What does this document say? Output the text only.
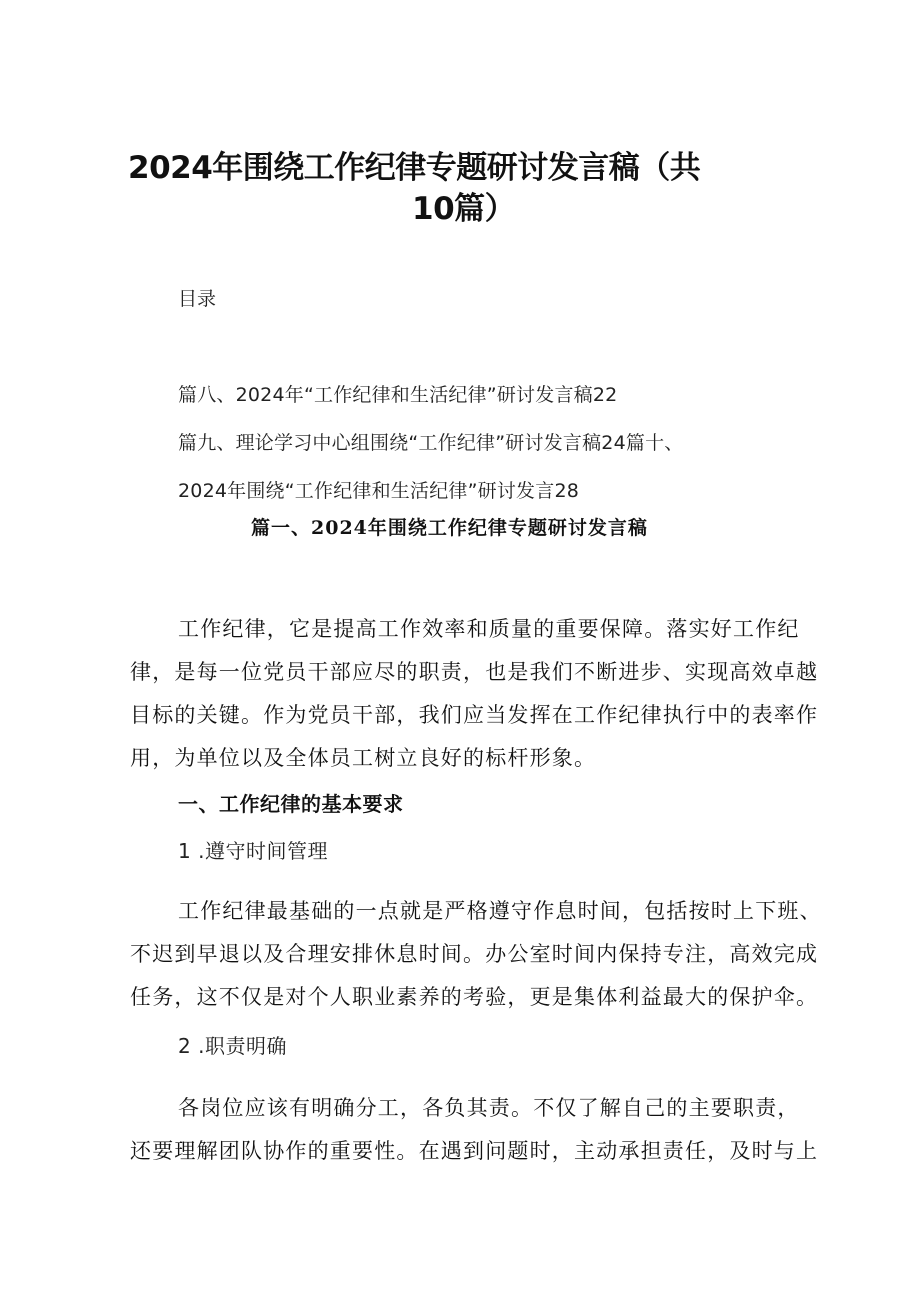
2024年围绕工作纪律专题研讨发言稿（共
10篇）
目录
篇八、2024年“工作纪律和生活纪律”研讨发言稿22
篇九、理论学习中心组围绕“工作纪律”研讨发言稿24篇十、
2024年围绕“工作纪律和生活纪律”研讨发言28
篇一、2024年围绕工作纪律专题研讨发言稿
工作纪律，它是提高工作效率和质量的重要保障。落实好工作纪
律，是每一位党员干部应尽的职责，也是我们不断进步、实现高效卓越
目标的关键。作为党员干部，我们应当发挥在工作纪律执行中的表率作
用，为单位以及全体员工树立良好的标杆形象。
一、工作纪律的基本要求
1 .遵守时间管理
工作纪律最基础的一点就是严格遵守作息时间，包括按时上下班、
不迟到早退以及合理安排休息时间。办公室时间内保持专注，高效完成
任务，这不仅是对个人职业素养的考验，更是集体利益最大的保护伞。
2 .职责明确
各岗位应该有明确分工，各负其责。不仅了解自己的主要职责，
还要理解团队协作的重要性。在遇到问题时，主动承担责任，及时与上
